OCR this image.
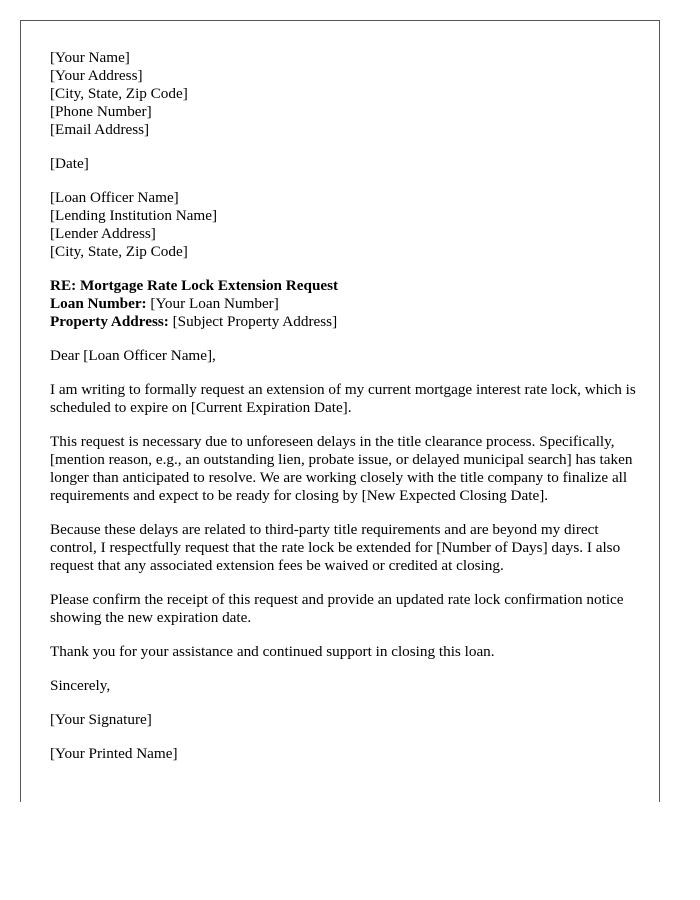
[Your Name]
[Your Address]
[City, State, Zip Code]
[Phone Number]
[Email Address]
[Date]
[Loan Officer Name]
[Lending Institution Name]
[Lender Address]
[City, State, Zip Code]
RE: Mortgage Rate Lock Extension Request
Loan Number: [Your Loan Number]
Property Address: [Subject Property Address]

Dear [Loan Officer Name],

I am writing to formally request an extension of my current mortgage interest rate lock, which is scheduled to expire on [Current Expiration Date].

This request is necessary due to unforeseen delays in the title clearance process. Specifically, [mention reason, e.g., an outstanding lien, probate issue, or delayed municipal search] has taken longer than anticipated to resolve. We are working closely with the title company to finalize all requirements and expect to be ready for closing by [New Expected Closing Date].

Because these delays are related to third-party title requirements and are beyond my direct control, I respectfully request that the rate lock be extended for [Number of Days] days. I also request that any associated extension fees be waived or credited at closing.

Please confirm the receipt of this request and provide an updated rate lock confirmation notice showing the new expiration date.

Thank you for your assistance and continued support in closing this loan.

Sincerely,

[Your Signature]

[Your Printed Name]
